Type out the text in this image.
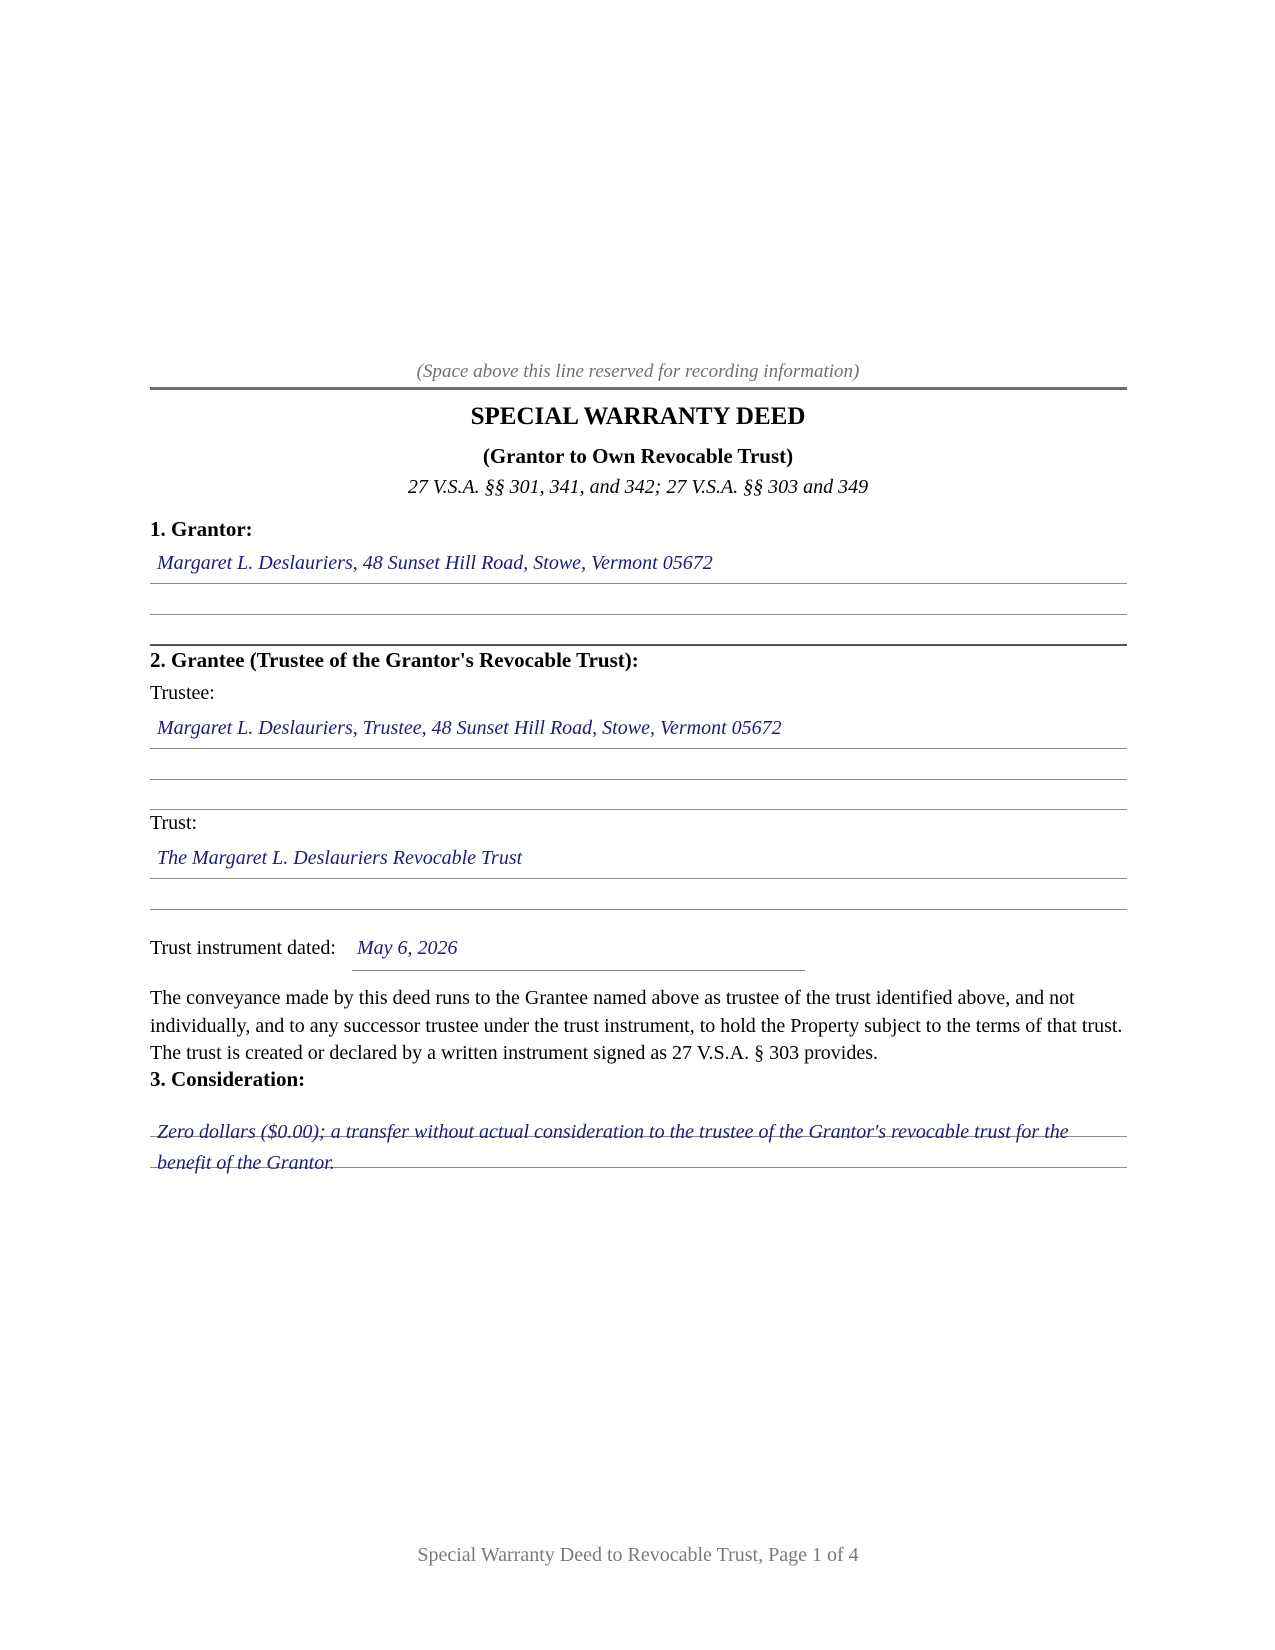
(Space above this line reserved for recording information)
SPECIAL WARRANTY DEED
(Grantor to Own Revocable Trust)
27 V.S.A. §§ 301, 341, and 342; 27 V.S.A. §§ 303 and 349
1. Grantor:
Margaret L. Deslauriers, 48 Sunset Hill Road, Stowe, Vermont 05672
2. Grantee (Trustee of the Grantor's Revocable Trust):
Trustee:
Margaret L. Deslauriers, Trustee, 48 Sunset Hill Road, Stowe, Vermont 05672
Trust:
The Margaret L. Deslauriers Revocable Trust
Trust instrument dated: May 6, 2026
The conveyance made by this deed runs to the Grantee named above as trustee of the trust identified above, and not individually, and to any successor trustee under the trust instrument, to hold the Property subject to the terms of that trust. The trust is created or declared by a written instrument signed as 27 V.S.A. § 303 provides.
3. Consideration:
Zero dollars ($0.00); a transfer without actual consideration to the trustee of the Grantor's revocable trust for the benefit of the Grantor.
Special Warranty Deed to Revocable Trust, Page 1 of 4
